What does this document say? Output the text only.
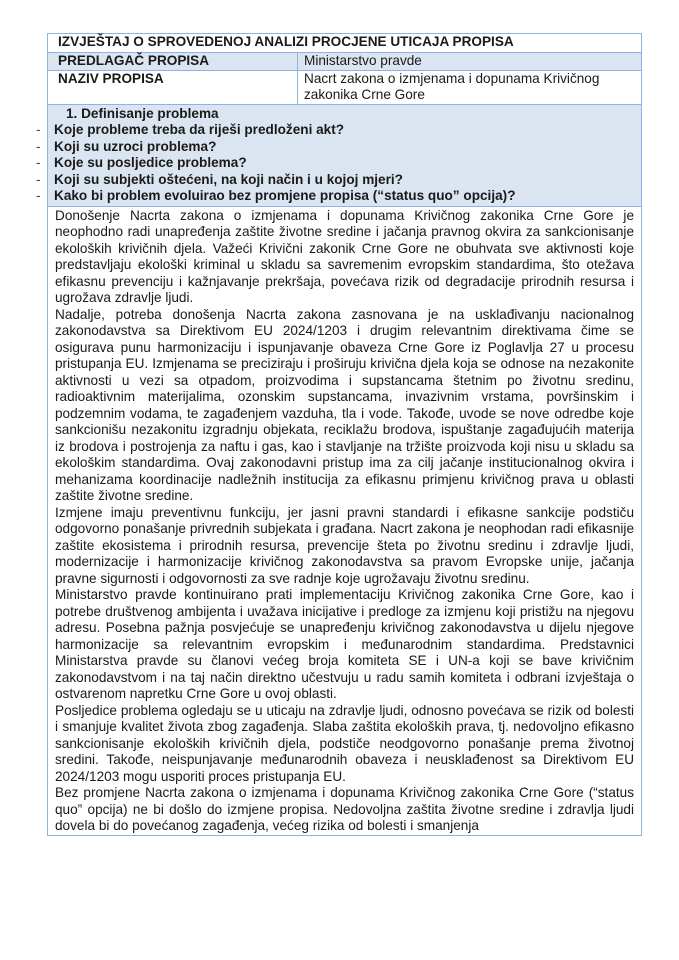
IZVJEŠTAJ O SPROVEDENOJ ANALIZI PROCJENE UTICAJA PROPISA	
PREDLAGAČ PROPISA	Ministarstvo pravde
NAZIV PROPISA	Nacrt zakona o izmjenama i dopunama Krivičnog zakonika Crne Gore

1. Definisanje problema
- Koje probleme treba da riješi predloženi akt?
- Koji su uzroci problema?
- Koje su posljedice problema?
- Koji su subjekti oštećeni, na koji način i u kojoj mjeri?
- Kako bi problem evoluirao bez promjene propisa (“status quo” opcija)?

Donošenje Nacrta zakona o izmjenama i dopunama Krivičnog zakonika Crne Gore je neophodno radi unapređenja zaštite životne sredine i jačanja pravnog okvira za sankcionisanje ekoloških krivičnih djela. Važeći Krivični zakonik Crne Gore ne obuhvata sve aktivnosti koje predstavljaju ekološki kriminal u skladu sa savremenim evropskim standardima, što otežava efikasnu prevenciju i kažnjavanje prekršaja, povećava rizik od degradacije prirodnih resursa i ugrožava zdravlje ljudi.

Nadalje, potreba donošenja Nacrta zakona zasnovana je na usklađivanju nacionalnog zakonodavstva sa Direktivom EU 2024/1203 i drugim relevantnim direktivama čime se osigurava punu harmonizaciju i ispunjavanje obaveza Crne Gore iz Poglavlja 27 u procesu pristupanja EU. Izmjenama se preciziraju i proširuju krivična djela koja se odnose na nezakonite aktivnosti u vezi sa otpadom, proizvodima i supstancama štetnim po životnu sredinu, radioaktivnim materijalima, ozonskim supstancama, invazivnim vrstama, površinskim i podzemnim vodama, te zagađenjem vazduha, tla i vode. Takođe, uvode se nove odredbe koje sankcionišu nezakonitu izgradnju objekata, reciklažu brodova, ispuštanje zagađujućih materija iz brodova i postrojenja za naftu i gas, kao i stavljanje na tržište proizvoda koji nisu u skladu sa ekološkim standardima. Ovaj zakonodavni pristup ima za cilj jačanje institucionalnog okvira i mehanizama koordinacije nadležnih institucija za efikasnu primjenu krivičnog prava u oblasti zaštite životne sredine.

Izmjene imaju preventivnu funkciju, jer jasni pravni standardi i efikasne sankcije podstiču odgovorno ponašanje privrednih subjekata i građana. Nacrt zakona je neophodan radi efikasnije zaštite ekosistema i prirodnih resursa, prevencije šteta po životnu sredinu i zdravlje ljudi, modernizacije i harmonizacije krivičnog zakonodavstva sa pravom Evropske unije, jačanja pravne sigurnosti i odgovornosti za sve radnje koje ugrožavaju životnu sredinu.

Ministarstvo pravde kontinuirano prati implementaciju Krivičnog zakonika Crne Gore, kao i potrebe društvenog ambijenta i uvažava inicijative i predloge za izmjenu koji pristižu na njegovu adresu. Posebna pažnja posvjećuje se unapređenju krivičnog zakonodavstva u dijelu njegove harmonizacije sa relevantnim evropskim i međunarodnim standardima. Predstavnici Ministarstva pravde su članovi većeg broja komiteta SE i UN-a koji se bave krivičnim zakonodavstvom i na taj način direktno učestvuju u radu samih komiteta i odbrani izvještaja o ostvarenom napretku Crne Gore u ovoj oblasti.

Posljedice problema ogledaju se u uticaju na zdravlje ljudi, odnosno povećava se rizik od bolesti i smanjuje kvalitet života zbog zagađenja. Slaba zaštita ekoloških prava, tj. nedovoljno efikasno sankcionisanje ekoloških krivičnih djela, podstiče neodgovorno ponašanje prema životnoj sredini. Takođe, neispunjavanje međunarodnih obaveza i neusklađenost sa Direktivom EU 2024/1203 mogu usporiti proces pristupanja EU.

Bez promjene Nacrta zakona o izmjenama i dopunama Krivičnog zakonika Crne Gore (“status quo” opcija) ne bi došlo do izmjene propisa. Nedovoljna zaštita životne sredine i zdravlja ljudi dovela bi do povećanog zagađenja, većeg rizika od bolesti i smanjenja
